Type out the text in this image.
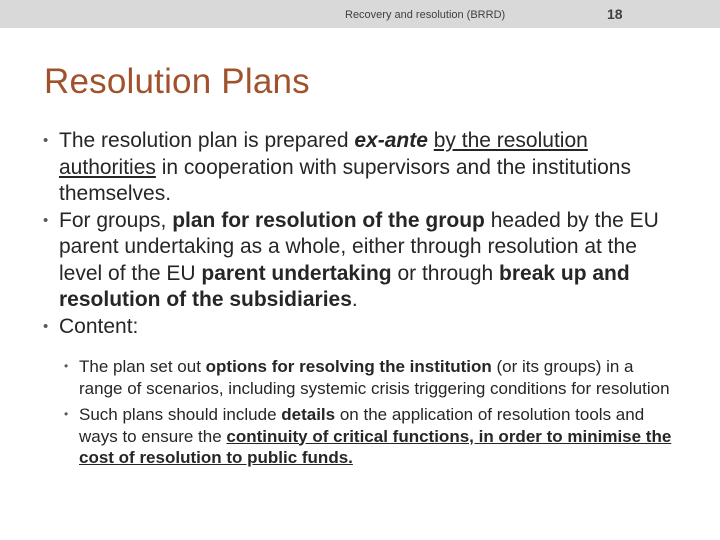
Recovery and resolution (BRRD)	18
Resolution Plans
• The resolution plan is prepared ex-ante by the resolution authorities in cooperation with supervisors and the institutions themselves.
• For groups, plan for resolution of the group headed by the EU parent undertaking as a whole, either through resolution at the level of the EU parent undertaking or through break up and resolution of the subsidiaries.
• Content:
• The plan set out options for resolving the institution (or its groups) in a range of scenarios, including systemic crisis triggering conditions for resolution
• Such plans should include details on the application of resolution tools and ways to ensure the continuity of critical functions, in order to minimise the cost of resolution to public funds.
